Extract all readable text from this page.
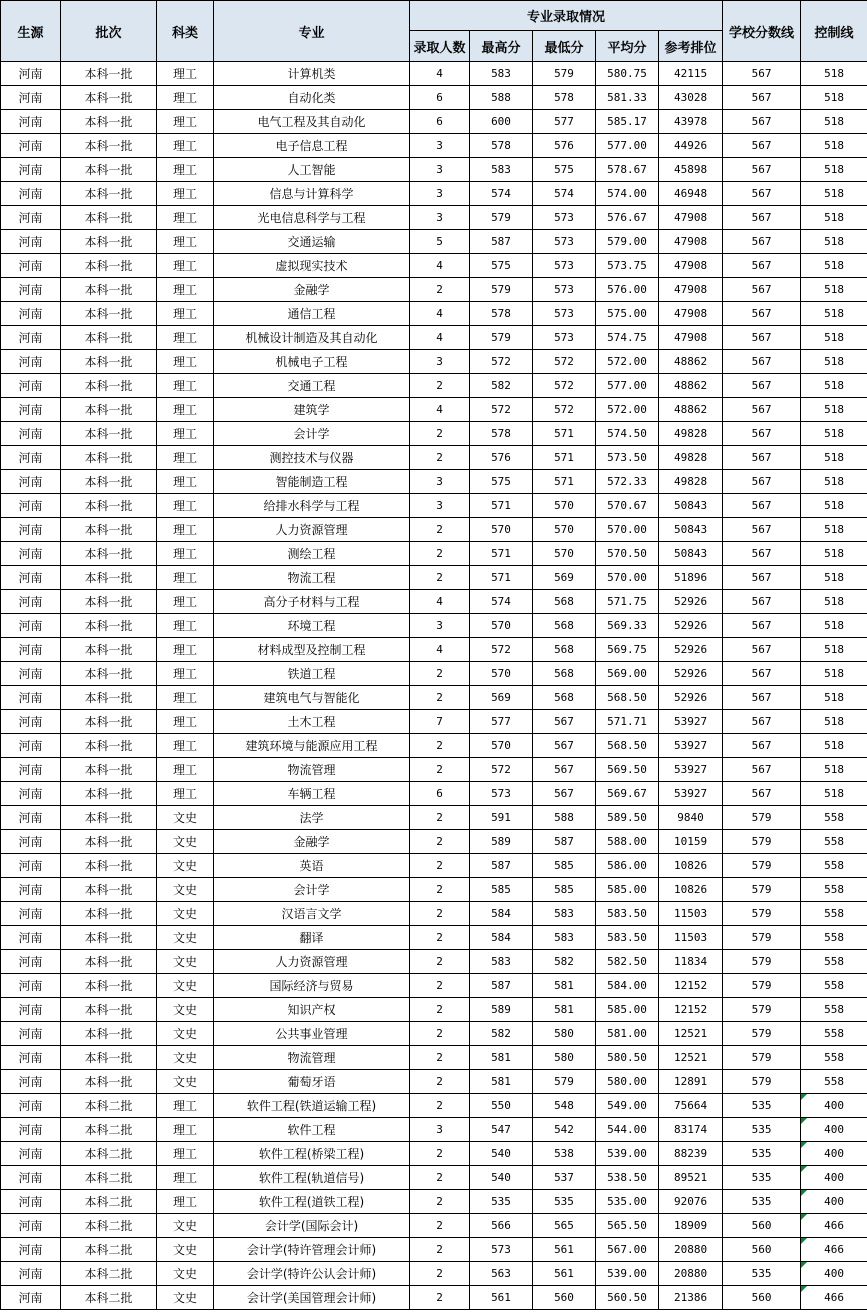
生源	批次	科类	专业	专业录取情况					学校分数线	控制线
				录取人数	最高分	最低分	平均分	参考排位		
河南	本科一批	理工	计算机类	4	583	579	580.75	42115	567	518
河南	本科一批	理工	自动化类	6	588	578	581.33	43028	567	518
河南	本科一批	理工	电气工程及其自动化	6	600	577	585.17	43978	567	518
河南	本科一批	理工	电子信息工程	3	578	576	577.00	44926	567	518
河南	本科一批	理工	人工智能	3	583	575	578.67	45898	567	518
河南	本科一批	理工	信息与计算科学	3	574	574	574.00	46948	567	518
河南	本科一批	理工	光电信息科学与工程	3	579	573	576.67	47908	567	518
河南	本科一批	理工	交通运输	5	587	573	579.00	47908	567	518
河南	本科一批	理工	虚拟现实技术	4	575	573	573.75	47908	567	518
河南	本科一批	理工	金融学	2	579	573	576.00	47908	567	518
河南	本科一批	理工	通信工程	4	578	573	575.00	47908	567	518
河南	本科一批	理工	机械设计制造及其自动化	4	579	573	574.75	47908	567	518
河南	本科一批	理工	机械电子工程	3	572	572	572.00	48862	567	518
河南	本科一批	理工	交通工程	2	582	572	577.00	48862	567	518
河南	本科一批	理工	建筑学	4	572	572	572.00	48862	567	518
河南	本科一批	理工	会计学	2	578	571	574.50	49828	567	518
河南	本科一批	理工	测控技术与仪器	2	576	571	573.50	49828	567	518
河南	本科一批	理工	智能制造工程	3	575	571	572.33	49828	567	518
河南	本科一批	理工	给排水科学与工程	3	571	570	570.67	50843	567	518
河南	本科一批	理工	人力资源管理	2	570	570	570.00	50843	567	518
河南	本科一批	理工	测绘工程	2	571	570	570.50	50843	567	518
河南	本科一批	理工	物流工程	2	571	569	570.00	51896	567	518
河南	本科一批	理工	高分子材料与工程	4	574	568	571.75	52926	567	518
河南	本科一批	理工	环境工程	3	570	568	569.33	52926	567	518
河南	本科一批	理工	材料成型及控制工程	4	572	568	569.75	52926	567	518
河南	本科一批	理工	铁道工程	2	570	568	569.00	52926	567	518
河南	本科一批	理工	建筑电气与智能化	2	569	568	568.50	52926	567	518
河南	本科一批	理工	土木工程	7	577	567	571.71	53927	567	518
河南	本科一批	理工	建筑环境与能源应用工程	2	570	567	568.50	53927	567	518
河南	本科一批	理工	物流管理	2	572	567	569.50	53927	567	518
河南	本科一批	理工	车辆工程	6	573	567	569.67	53927	567	518
河南	本科一批	文史	法学	2	591	588	589.50	9840	579	558
河南	本科一批	文史	金融学	2	589	587	588.00	10159	579	558
河南	本科一批	文史	英语	2	587	585	586.00	10826	579	558
河南	本科一批	文史	会计学	2	585	585	585.00	10826	579	558
河南	本科一批	文史	汉语言文学	2	584	583	583.50	11503	579	558
河南	本科一批	文史	翻译	2	584	583	583.50	11503	579	558
河南	本科一批	文史	人力资源管理	2	583	582	582.50	11834	579	558
河南	本科一批	文史	国际经济与贸易	2	587	581	584.00	12152	579	558
河南	本科一批	文史	知识产权	2	589	581	585.00	12152	579	558
河南	本科一批	文史	公共事业管理	2	582	580	581.00	12521	579	558
河南	本科一批	文史	物流管理	2	581	580	580.50	12521	579	558
河南	本科一批	文史	葡萄牙语	2	581	579	580.00	12891	579	558
河南	本科二批	理工	软件工程(铁道运输工程)	2	550	548	549.00	75664	535	400
河南	本科二批	理工	软件工程	3	547	542	544.00	83174	535	400
河南	本科二批	理工	软件工程(桥梁工程)	2	540	538	539.00	88239	535	400
河南	本科二批	理工	软件工程(轨道信号)	2	540	537	538.50	89521	535	400
河南	本科二批	理工	软件工程(道铁工程)	2	535	535	535.00	92076	535	400
河南	本科二批	文史	会计学(国际会计)	2	566	565	565.50	18909	560	466
河南	本科二批	文史	会计学(特许管理会计师)	2	573	561	567.00	20880	560	466
河南	本科二批	文史	会计学(特许公认会计师)	2	563	561	539.00	20880	535	400
河南	本科二批	文史	会计学(美国管理会计师)	2	561	560	560.50	21386	560	466
